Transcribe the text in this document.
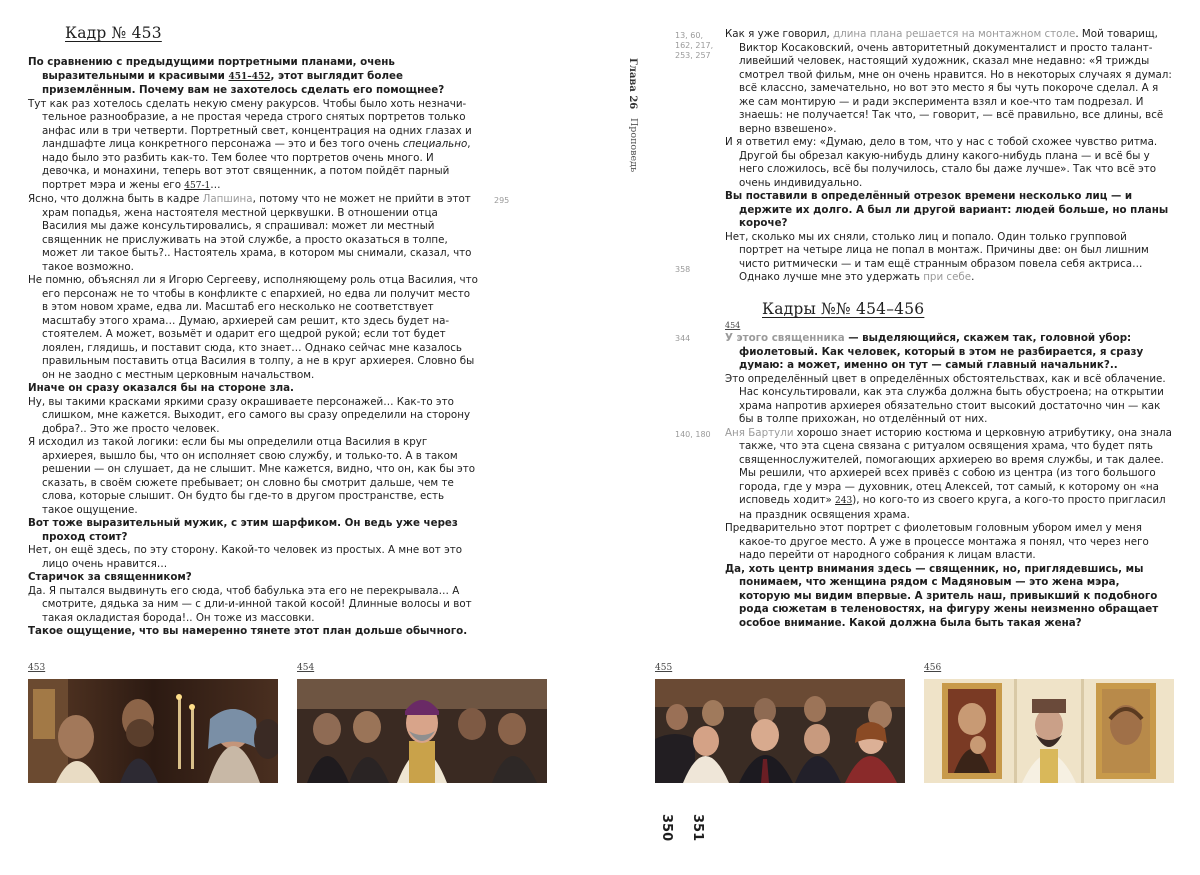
Кадр № 453

По сравнению с предыдущими портретными планами, очень выразительными и красивыми 451–452, этот выглядит более приземлённым. Почему вам не захотелось сделать его помощнее?

Тут как раз хотелось сделать некую смену ракурсов. Чтобы было хоть незначительное разнообразие, а не простая череда строго снятых портретов только анфас или в три четверти. Портретный свет, концентрация на одних глазах и ландшафте лица конкретного персонажа — это и без того очень специально, надо было это разбить как-то. Тем более что портретов очень много. И девочка, и монахини, теперь вот этот священник, а потом пойдёт парный портрет мэра и жены его 457-1…

Ясно, что должна быть в кадре Лапшина, потому что не может не прийти в этот храм попадья, жена настоятеля местной церквушки. В отношении отца Василия мы даже консультировались, я спрашивал: может ли местный священник не прислуживать на этой службе, а просто оказаться в толпе, может ли такое быть?.. Настоятель храма, в котором мы снимали, сказал, что такое возможно.

Не помню, объяснял ли я Игорю Сергееву, исполняющему роль отца Василия, что его персонаж не то чтобы в конфликте с епархией, но едва ли получит место в этом новом храме, едва ли. Масштаб его несколько не соответствует масштабу этого храма… Думаю, архиерей сам решит, кто здесь будет настоятелем. А может, возьмёт и одарит его щедрой рукой; если тот будет лоялен, глядишь, и поставит сюда, кто знает… Однако сейчас мне казалось правильным поставить отца Василия в толпу, а не в круг архиерея. Словно бы он не заодно с местным церковным начальством.

Иначе он сразу оказался бы на стороне зла.

Ну, вы такими красками яркими сразу окрашиваете персонажей… Как-то это слишком, мне кажется. Выходит, его самого вы сразу определили на сторону добра?.. Это же просто человек.

Я исходил из такой логики: если бы мы определили отца Василия в круг архиерея, вышло бы, что он исполняет свою службу, и только-то. А в таком решении — он слушает, да не слышит. Мне кажется, видно, что он, как бы это сказать, в своём сюжете пребывает; он словно бы смотрит дальше, чем те слова, которые слышит. Он будто бы где-то в другом пространстве, есть такое ощущение.

Вот тоже выразительный мужик, с этим шарфиком. Он ведь уже через проход стоит?

Нет, он ещё здесь, по эту сторону. Какой-то человек из простых. А мне вот это лицо очень нравится…

Старичок за священником?

Да. Я пытался выдвинуть его сюда, чтоб бабулька эта его не перекрывала… А смотрите, дядька за ним — с дли-и-инной такой косой! Длинные волосы и вот такая окладистая борода!.. Он тоже из массовки.

Такое ощущение, что вы намеренно тянете этот план дольше обычного.

295
453	454
Глава 26
Проповедь
350 351
13, 60, 162, 217, 253, 257

Как я уже говорил, длина плана решается на монтажном столе. Мой товарищ, Виктор Косаковский, очень авторитетный документалист и просто талантливейший человек, настоящий художник, сказал мне недавно: «Я трижды смотрел твой фильм, мне он очень нравится. Но в некоторых случаях я думал: всё классно, замечательно, но вот это место я бы чуть покороче сделал. А я же сам монтирую — и ради эксперимента взял и кое-что там подрезал. И знаешь: не получается! Так что, — говорит, — всё правильно, все длины, всё верно взвешено».

И я ответил ему: «Думаю, дело в том, что у нас с тобой схожее чувство ритма. Другой бы обрезал какую-нибудь длину какого-нибудь плана — и всё бы у него сложилось, всё бы получилось, стало бы даже лучше». Так что всё это очень индивидуально.

Вы поставили в определённый отрезок времени несколько лиц — и держите их долго. А был ли другой вариант: людей больше, но планы короче?

Нет, сколько мы их сняли, столько лиц и попало. Один только групповой портрет на четыре лица не попал в монтаж. Причины две: он был лишним чисто ритмически — и там ещё странным образом повела себя актриса… Однако лучше мне это удержать при себе.

358
Кадры №№ 454–456
454
344
140, 180

У этого священника — выделяющийся, скажем так, головной убор: фиолетовый. Как человек, который в этом не разбирается, я сразу думаю: а может, именно он тут — самый главный начальник?..

Это определённый цвет в определённых обстоятельствах, как и всё облачение. Нас консультировали, как эта служба должна быть обустроена; на открытии храма напротив архиерея обязательно стоит высокий достаточно чин — как бы в толпе прихожан, но отделённый от них.

Аня Бартули хорошо знает историю костюма и церковную атрибутику, она знала также, что эта сцена связана с ритуалом освящения храма, что будет пять священнослужителей, помогающих архиерею во время службы, и так далее. Мы решили, что архиерей всех привёз с собою из центра (из того большого города, где у мэра — духовник, отец Алексей, тот самый, к которому он «на исповедь ходит» 243), но кого-то из своего круга, а кого-то просто пригласил на праздник освящения храма.

Предварительно этот портрет с фиолетовым головным убором имел у меня какое-то другое место. А уже в процессе монтажа я понял, что через него надо перейти от народного собрания к лицам власти.

Да, хоть центр внимания здесь — священник, но, приглядевшись, мы понимаем, что женщина рядом с Мадяновым — это жена мэра, которую мы видим впервые. А зритель наш, привыкший к подобного рода сюжетам в теленовостях, на фигуру жены неизменно обращает особое внимание. Какой должна была быть такая жена?

455	456
